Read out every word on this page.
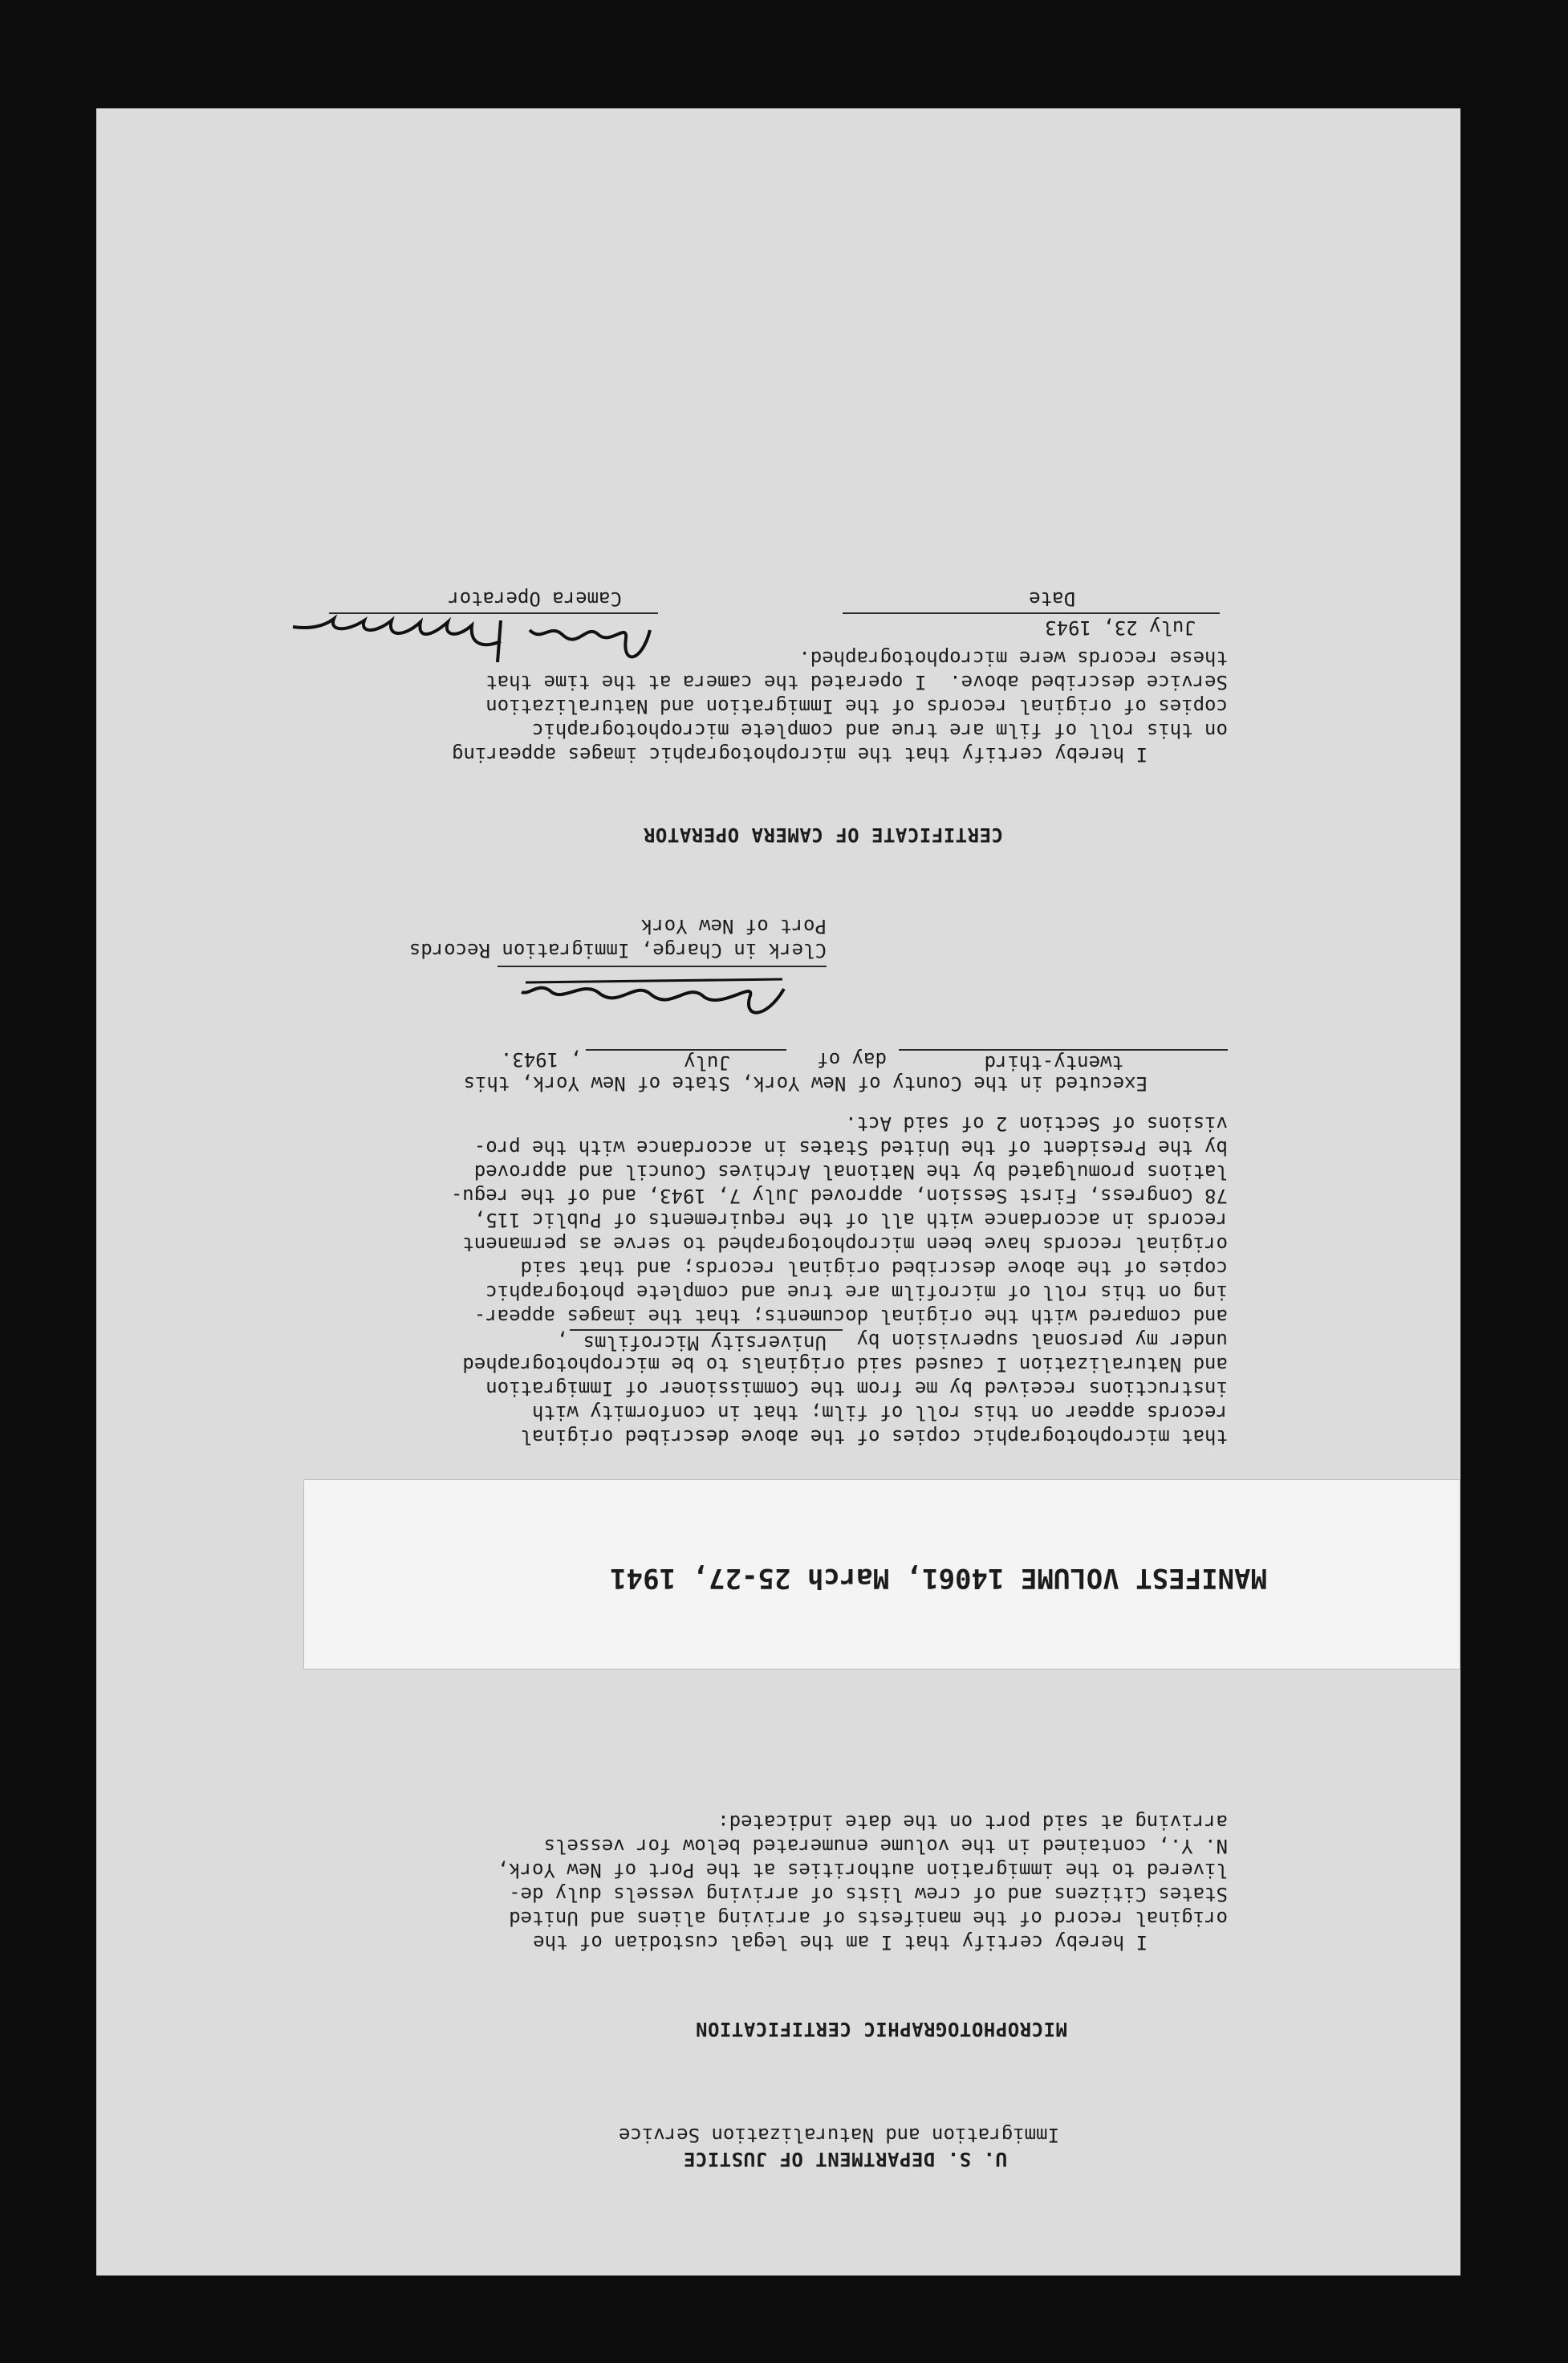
U. S. DEPARTMENT OF JUSTICE
Immigration and Naturalization Service
MICROPHOTOGRAPHIC CERTIFICATION
I hereby certify that I am the legal custodian of the
original record of the manifests of arriving aliens and United
States Citizens and of crew lists of arriving vessels duly de-
livered to the immigration authorities at the Port of New York,
N. Y., contained in the volume enumerated below for vessels
arriving at said port on the date indicated:
MANIFEST VOLUME 14061, March 25-27, 1941
that microphotographic copies of the above described original
records appear on this roll of film; that in conformity with
instructions received by me from the Commissioner of Immigration
and Naturalization I caused said originals to be microphotographed
under my personal supervision by
University Microfilms
,
and compared with the original documents; that the images appear-
ing on this roll of microfilm are true and complete photographic
copies of the above described original records; and that said
original records have been microphotographed to serve as permanent
records in accordance with all of the requirements of Public 115,
78 Congress, First Session, approved July 7, 1943, and of the regu-
lations promulgated by the National Archives Council and approved
by the President of the United States in accordance with the pro-
visions of Section 2 of said Act.
Executed in the County of New York, State of New York, this
twenty-third
day of
July
, 1943.
Clerk in Charge, Immigration Records
Port of New York
CERTIFICATE OF CAMERA OPERATOR
I hereby certify that the microphotographic images appearing
on this roll of film are true and complete microphotographic
copies of original records of the Immigration and Naturalization
Service described above.  I operated the camera at the time that
these records were microphotographed.
July 23, 1943
Date
Camera Operator
